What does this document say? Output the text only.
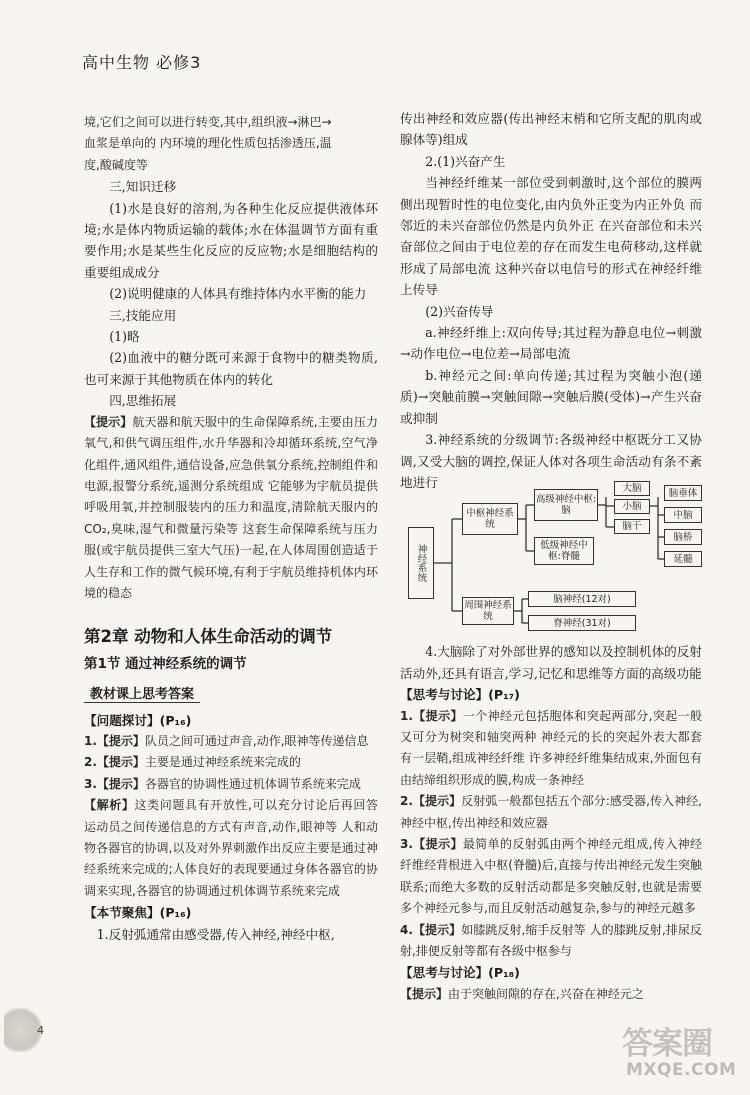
高中生物 必修3

境,它们之间可以进行转变,其中,组织液→淋巴→

血浆是单向的 内环境的理化性质包括渗透压,温

度,酸碱度等

三,知识迁移

(1)水是良好的溶剂,为各种生化反应提供液体环境;水是体内物质运输的载体;水在体温调节方面有重要作用;水是某些生化反应的反应物;水是细胞结构的重要组成成分

(2)说明健康的人体具有维持体内水平衡的能力

三,技能应用

(1)略

(2)血液中的糖分既可来源于食物中的糖类物质,也可来源于其他物质在体内的转化

四,思维拓展

【提示】航天器和航天服中的生命保障系统,主要由压力氧气,和供气调压组件,水升华器和冷却循环系统,空气净化组件,通风组件,通信设备,应急供氧分系统,控制组件和电源,报警分系统,遥测分系统组成 它能够为宇航员提供呼吸用氧,并控制服装内的压力和温度,清除航天服内的 CO₂,臭味,湿气和微量污染等 这套生命保障系统与压力服(或宇航员提供三室大气压)一起,在人体周围创造适于人生存和工作的微气候环境,有利于宇航员维持机体内环境的稳态

第2章 动物和人体生命活动的调节

第1节 通过神经系统的调节

教材课上思考答案

【问题探讨】(P₁₆)

1.【提示】队员之间可通过声音,动作,眼神等传递信息

2.【提示】主要是通过神经系统来完成的

3.【提示】各器官的协调性通过机体调节系统来完成

【解析】这类问题具有开放性,可以充分讨论后再回答 运动员之间传递信息的方式有声音,动作,眼神等 人和动物各器官的协调,以及对外界刺激作出反应主要是通过神经系统来完成的;人体良好的表现要通过身体各器官的协调来实现,各器官的协调通过机体调节系统来完成

【本节聚焦】(P₁₆)

1.反射弧通常由感受器,传入神经,神经中枢,

传出神经和效应器(传出神经末梢和它所支配的肌肉或腺体等)组成

2.(1)兴奋产生

当神经纤维某一部位受到刺激时,这个部位的膜两侧出现暂时性的电位变化,由内负外正变为内正外负 而邻近的未兴奋部位仍然是内负外正 在兴奋部位和未兴奋部位之间由于电位差的存在而发生电荷移动,这样就形成了局部电流 这种兴奋以电信号的形式在神经纤维上传导

(2)兴奋传导

a.神经纤维上:双向传导;其过程为静息电位→刺激→动作电位→电位差→局部电流

b.神经元之间:单向传递;其过程为突触小泡(递质)→突触前膜→突触间隙→突触后膜(受体)→产生兴奋或抑制

3.神经系统的分级调节:各级神经中枢既分工又协调,又受大脑的调控,保证人体对各项生命活动有条不紊地进行

神经系统
中枢神经系统
周围神经系统
高级神经中枢:脑
低级神经中枢:脊髓
大脑
小脑
脑干
脑垂体
中脑
脑桥
延髓
脑神经(12对)
脊神经(31对)

4.大脑除了对外部世界的感知以及控制机体的反射活动外,还具有语言,学习,记忆和思维等方面的高级功能

【思考与讨论】(P₁₇)

1.【提示】一个神经元包括胞体和突起两部分,突起一般又可分为树突和轴突两种 神经元的长的突起外表大都套有一层鞘,组成神经纤维 许多神经纤维集结成束,外面包有由结缔组织形成的膜,构成一条神经

2.【提示】反射弧一般都包括五个部分:感受器,传入神经,神经中枢,传出神经和效应器

3.【提示】最简单的反射弧由两个神经元组成,传入神经纤维经背根进入中枢(脊髓)后,直接与传出神经元发生突触联系;而绝大多数的反射活动都是多突触反射,也就是需要多个神经元参与,而且反射活动越复杂,参与的神经元越多

4.【提示】如膝跳反射,缩手反射等 人的膝跳反射,排尿反射,排便反射等都有各级中枢参与

【思考与讨论】(P₁₈)

【提示】由于突触间隙的存在,兴奋在神经元之

4	答案圈
MXQE.COM
